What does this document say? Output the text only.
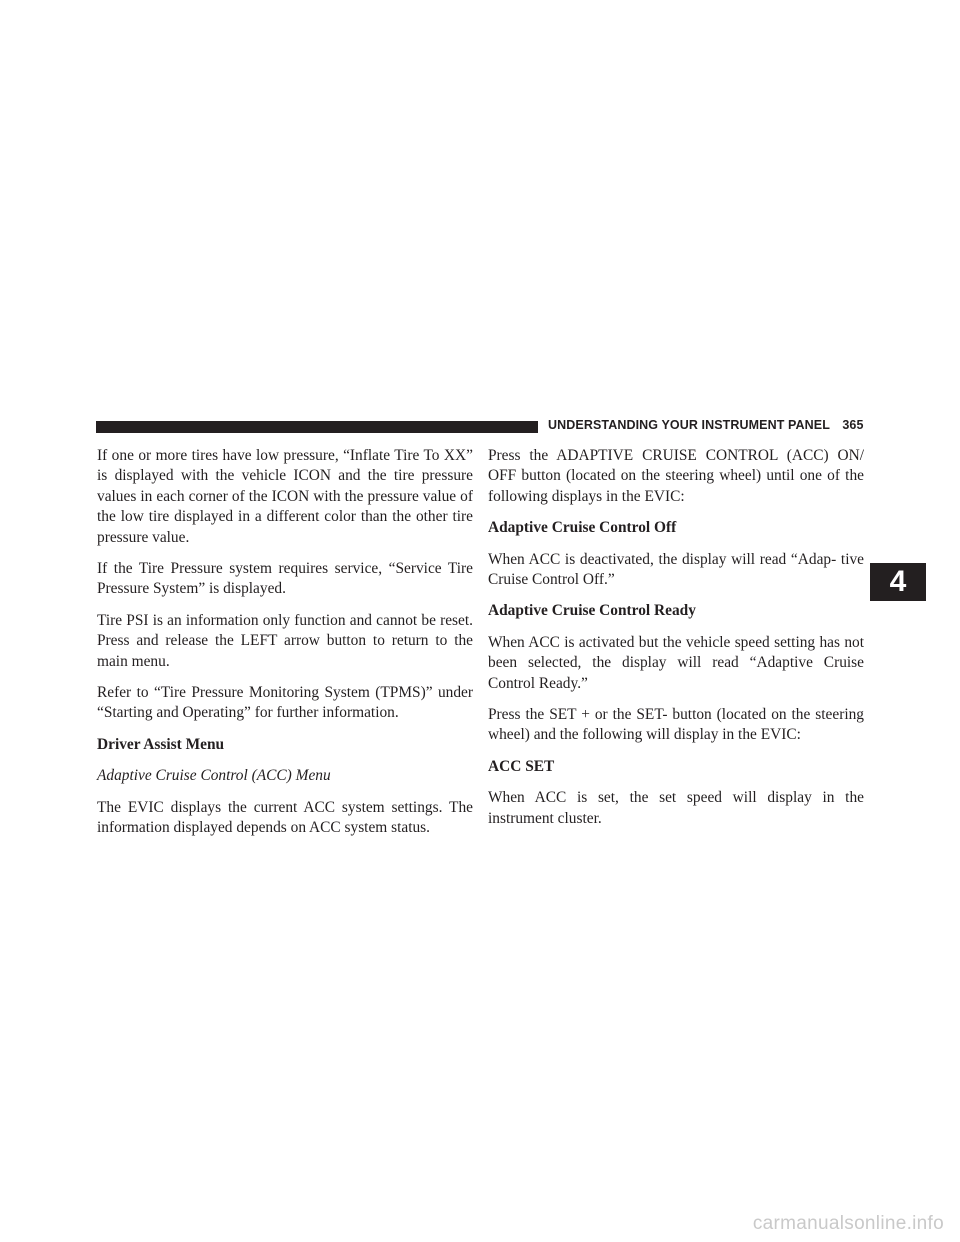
UNDERSTANDING YOUR INSTRUMENT PANEL 365

If one or more tires have low pressure, “Inflate Tire To XX” is displayed with the vehicle ICON and the tire pressure values in each corner of the ICON with the pressure value of the low tire displayed in a different color than the other tire pressure value.

If the Tire Pressure system requires service, “Service Tire Pressure System” is displayed.

Tire PSI is an information only function and cannot be reset. Press and release the LEFT arrow button to return to the main menu.

Refer to “Tire Pressure Monitoring System (TPMS)” under “Starting and Operating” for further information.

Driver Assist Menu

Adaptive Cruise Control (ACC) Menu

The EVIC displays the current ACC system settings. The information displayed depends on ACC system status.

Press the ADAPTIVE CRUISE CONTROL (ACC) ON/ OFF button (located on the steering wheel) until one of the following displays in the EVIC:

Adaptive Cruise Control Off

When ACC is deactivated, the display will read “Adap- tive Cruise Control Off.”

Adaptive Cruise Control Ready

When ACC is activated but the vehicle speed setting has not been selected, the display will read “Adaptive Cruise Control Ready.”

Press the SET + or the SET- button (located on the steering wheel) and the following will display in the EVIC:

ACC SET

When ACC is set, the set speed will display in the instrument cluster.

4
carmanualsonline.info
